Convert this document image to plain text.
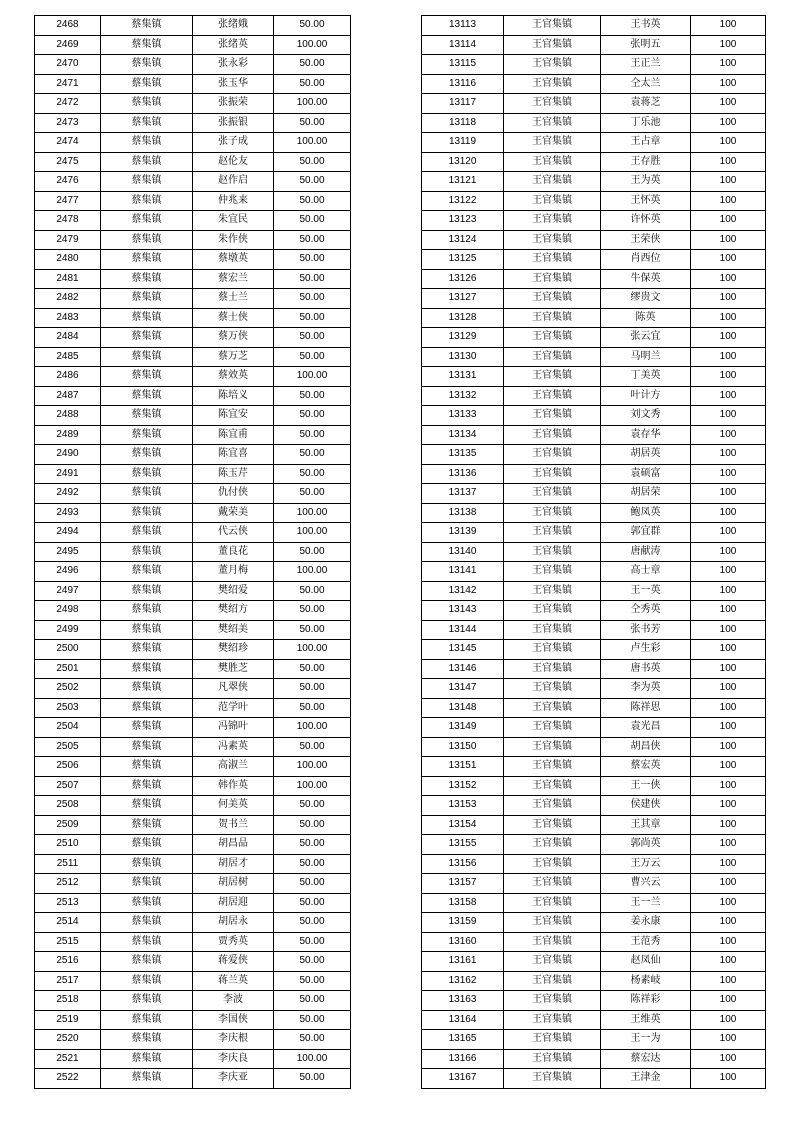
2468	蔡集镇	张绪娥	50.00
2469	蔡集镇	张绪英	100.00
2470	蔡集镇	张永彩	50.00
2471	蔡集镇	张玉华	50.00
2472	蔡集镇	张振荣	100.00
2473	蔡集镇	张振银	50.00
2474	蔡集镇	张子成	100.00
2475	蔡集镇	赵伦友	50.00
2476	蔡集镇	赵作启	50.00
2477	蔡集镇	仲兆来	50.00
2478	蔡集镇	朱宜民	50.00
2479	蔡集镇	朱作侠	50.00
2480	蔡集镇	蔡墩英	50.00
2481	蔡集镇	蔡宏兰	50.00
2482	蔡集镇	蔡士兰	50.00
2483	蔡集镇	蔡士侠	50.00
2484	蔡集镇	蔡万侠	50.00
2485	蔡集镇	蔡万芝	50.00
2486	蔡集镇	蔡效英	100.00
2487	蔡集镇	陈培义	50.00
2488	蔡集镇	陈宜安	50.00
2489	蔡集镇	陈宜甫	50.00
2490	蔡集镇	陈宜喜	50.00
2491	蔡集镇	陈玉芹	50.00
2492	蔡集镇	仇付侠	50.00
2493	蔡集镇	戴荣美	100.00
2494	蔡集镇	代云侠	100.00
2495	蔡集镇	董良花	50.00
2496	蔡集镇	董月梅	100.00
2497	蔡集镇	樊绍爱	50.00
2498	蔡集镇	樊绍方	50.00
2499	蔡集镇	樊绍美	50.00
2500	蔡集镇	樊绍珍	100.00
2501	蔡集镇	樊胜芝	50.00
2502	蔡集镇	凡翠侠	50.00
2503	蔡集镇	范学叶	50.00
2504	蔡集镇	冯锦叶	100.00
2505	蔡集镇	冯素英	50.00
2506	蔡集镇	高淑兰	100.00
2507	蔡集镇	韩作英	100.00
2508	蔡集镇	何美英	50.00
2509	蔡集镇	贺书兰	50.00
2510	蔡集镇	胡昌品	50.00
2511	蔡集镇	胡居才	50.00
2512	蔡集镇	胡居树	50.00
2513	蔡集镇	胡居迎	50.00
2514	蔡集镇	胡居永	50.00
2515	蔡集镇	贾秀英	50.00
2516	蔡集镇	蒋爱侠	50.00
2517	蔡集镇	蒋兰英	50.00
2518	蔡集镇	李波	50.00
2519	蔡集镇	李国侠	50.00
2520	蔡集镇	李庆根	50.00
2521	蔡集镇	李庆良	100.00
2522	蔡集镇	李庆亚	50.00
13113	王官集镇	王书英	100
13114	王官集镇	张明五	100
13115	王官集镇	王正兰	100
13116	王官集镇	仝太兰	100
13117	王官集镇	袁蒋芝	100
13118	王官集镇	丁乐池	100
13119	王官集镇	王占章	100
13120	王官集镇	王存胜	100
13121	王官集镇	王为英	100
13122	王官集镇	王怀英	100
13123	王官集镇	许怀英	100
13124	王官集镇	王荣侠	100
13125	王官集镇	肖西位	100
13126	王官集镇	牛保英	100
13127	王官集镇	缪贵文	100
13128	王官集镇	陈英	100
13129	王官集镇	张云宜	100
13130	王官集镇	马明兰	100
13131	王官集镇	丁美英	100
13132	王官集镇	叶计方	100
13133	王官集镇	刘文秀	100
13134	王官集镇	袁存华	100
13135	王官集镇	胡居英	100
13136	王官集镇	袁硕富	100
13137	王官集镇	胡居荣	100
13138	王官集镇	鲍凤英	100
13139	王官集镇	郭宜群	100
13140	王官集镇	唐献涛	100
13141	王官集镇	高士章	100
13142	王官集镇	王一英	100
13143	王官集镇	仝秀英	100
13144	王官集镇	张书芳	100
13145	王官集镇	卢生彩	100
13146	王官集镇	唐书英	100
13147	王官集镇	李为英	100
13148	王官集镇	陈祥思	100
13149	王官集镇	袁光昌	100
13150	王官集镇	胡昌侠	100
13151	王官集镇	蔡宏英	100
13152	王官集镇	王一侠	100
13153	王官集镇	侯建侠	100
13154	王官集镇	王其章	100
13155	王官集镇	郭尚英	100
13156	王官集镇	王万云	100
13157	王官集镇	曹兴云	100
13158	王官集镇	王一兰	100
13159	王官集镇	姜永康	100
13160	王官集镇	王范秀	100
13161	王官集镇	赵凤仙	100
13162	王官集镇	杨素岐	100
13163	王官集镇	陈祥彩	100
13164	王官集镇	王维英	100
13165	王官集镇	王一为	100
13166	王官集镇	蔡宏达	100
13167	王官集镇	王津金	100
